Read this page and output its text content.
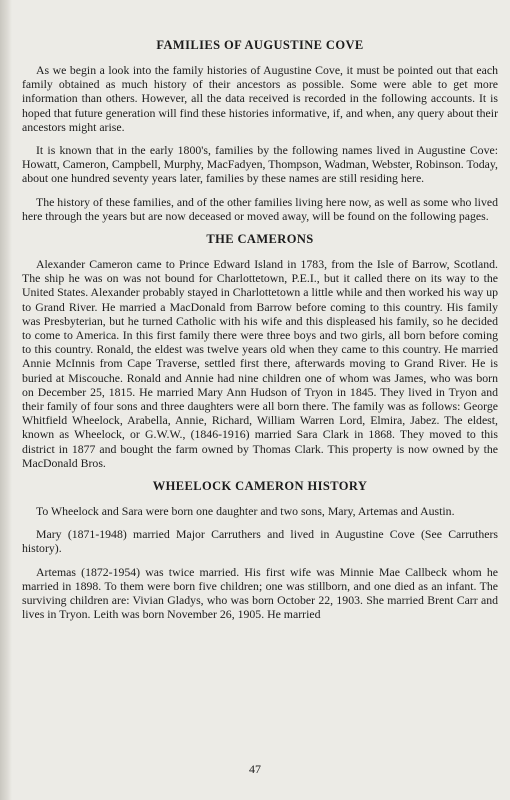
FAMILIES OF AUGUSTINE COVE

As we begin a look into the family histories of Augustine Cove, it must be pointed out that each family obtained as much history of their ancestors as possible. Some were able to get more information than others. However, all the data received is recorded in the following accounts. It is hoped that future generation will find these histories informative, if, and when, any query about their ancestors might arise.

It is known that in the early 1800's, families by the following names lived in Augustine Cove: Howatt, Cameron, Campbell, Murphy, MacFadyen, Thompson, Wadman, Webster, Robinson. Today, about one hundred seventy years later, families by these names are still residing here.

The history of these families, and of the other families living here now, as well as some who lived here through the years but are now deceased or moved away, will be found on the following pages.

THE CAMERONS

Alexander Cameron came to Prince Edward Island in 1783, from the Isle of Barrow, Scotland. The ship he was on was not bound for Charlottetown, P.E.I., but it called there on its way to the United States. Alexander probably stayed in Charlottetown a little while and then worked his way up to Grand River. He married a MacDonald from Barrow before coming to this country. His family was Presbyterian, but he turned Catholic with his wife and this displeased his family, so he decided to come to America. In this first family there were three boys and two girls, all born before coming to this country. Ronald, the eldest was twelve years old when they came to this country. He married Annie McInnis from Cape Traverse, settled first there, afterwards moving to Grand River. He is buried at Miscouche. Ronald and Annie had nine children one of whom was James, who was born on December 25, 1815. He married Mary Ann Hudson of Tryon in 1845. They lived in Tryon and their family of four sons and three daughters were all born there. The family was as follows: George Whitfield Wheelock, Arabella, Annie, Richard, William Warren Lord, Elmira, Jabez. The eldest, known as Wheelock, or G.W.W., (1846-1916) married Sara Clark in 1868. They moved to this district in 1877 and bought the farm owned by Thomas Clark. This property is now owned by the MacDonald Bros.

WHEELOCK CAMERON HISTORY

To Wheelock and Sara were born one daughter and two sons, Mary, Artemas and Austin.

Mary (1871-1948) married Major Carruthers and lived in Augustine Cove (See Carruthers history).

Artemas (1872-1954) was twice married. His first wife was Minnie Mae Callbeck whom he married in 1898. To them were born five children; one was stillborn, and one died as an infant. The surviving children are: Vivian Gladys, who was born October 22, 1903. She married Brent Carr and lives in Tryon. Leith was born November 26, 1905. He married

47
